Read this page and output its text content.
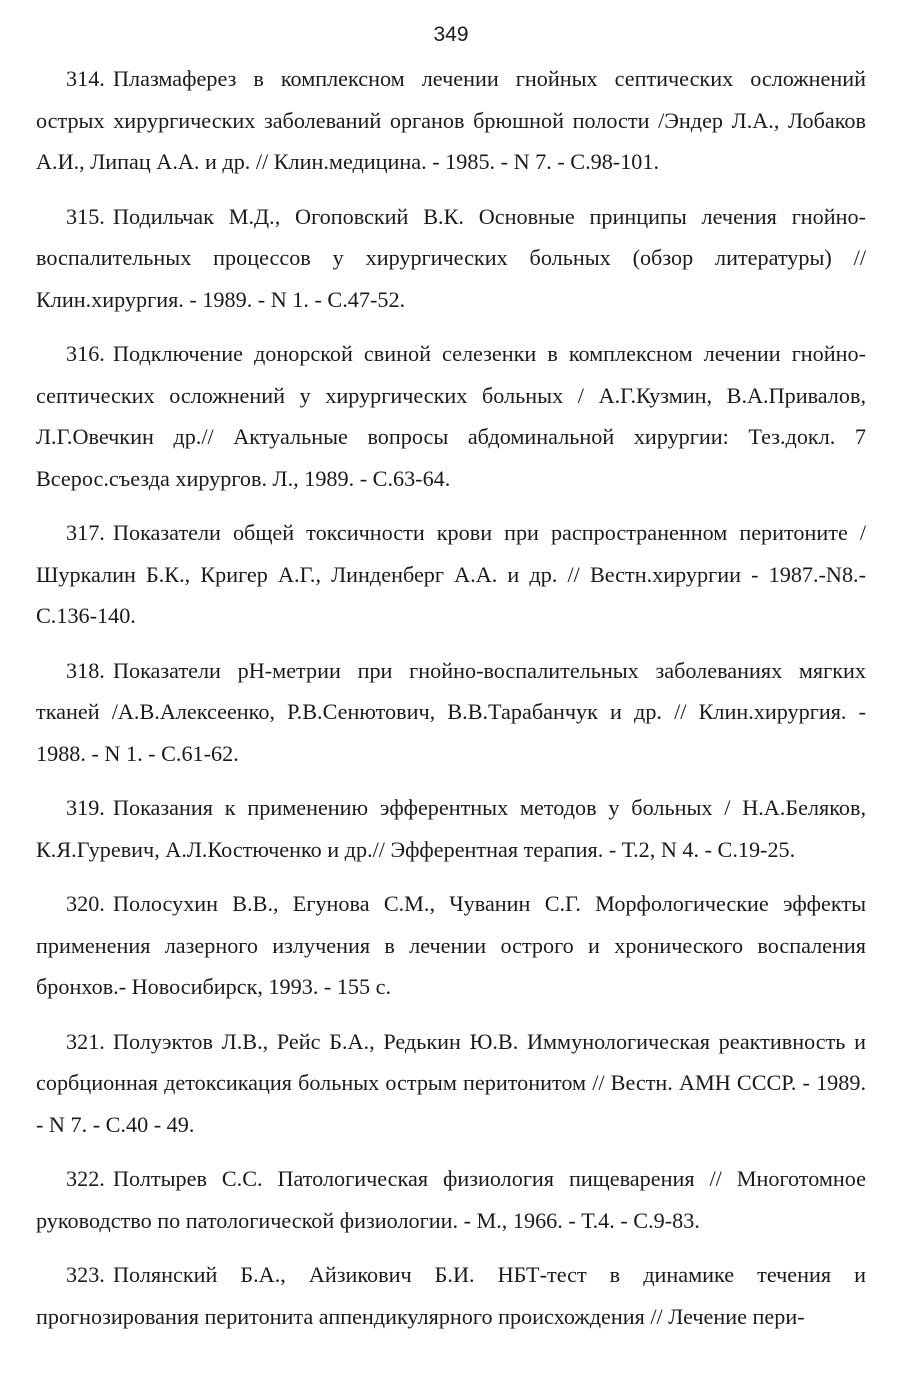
349

314. Плазмаферез в комплексном лечении гнойных септических осложнений острых хирургических заболеваний органов брюшной полости /Эндер Л.А., Лобаков А.И., Липац А.А. и др. // Клин.медицина. - 1985. - N 7. - С.98-101.

315. Подильчак М.Д., Огоповский В.К. Основные принципы лечения гнойно-воспалительных процессов у хирургических больных (обзор литературы) // Клин.хирургия. - 1989. - N 1. - С.47-52.

316. Подключение донорской свиной селезенки в комплексном лечении гнойно-септических осложнений у хирургических больных / А.Г.Кузмин, В.А.Привалов, Л.Г.Овечкин др.// Актуальные вопросы абдоминальной хирургии: Тез.докл. 7 Всерос.съезда хирургов. Л., 1989. - С.63-64.

317. Показатели общей токсичности крови при распространенном перитоните /Шуркалин Б.К., Кригер А.Г., Линденберг А.А. и др. // Вестн.хирургии - 1987.-N8.-С.136-140.

318. Показатели pH-метрии при гнойно-воспалительных заболеваниях мягких тканей /А.В.Алексеенко, Р.В.Сенютович, В.В.Тарабанчук и др. // Клин.хирургия. - 1988. - N 1. - С.61-62.

319. Показания к применению эфферентных методов у больных / Н.А.Беляков, К.Я.Гуревич, А.Л.Костюченко и др.// Эфферентная терапия. - Т.2, N 4. - С.19-25.

320. Полосухин В.В., Егунова С.М., Чуванин С.Г. Морфологические эффекты применения лазерного излучения в лечении острого и хронического воспаления бронхов.- Новосибирск, 1993. - 155 с.

321. Полуэктов Л.В., Рейс Б.А., Редькин Ю.В. Иммунологическая реактивность и сорбционная детоксикация больных острым перитонитом // Вестн. АМН СССР. - 1989. - N 7. - С.40 - 49.

322. Полтырев С.С. Патологическая физиология пищеварения // Многотомное руководство по патологической физиологии. - М., 1966. - Т.4. - С.9-83.

323. Полянский Б.А., Айзикович Б.И. НБТ-тест в динамике течения и прогнозирования перитонита аппендикулярного происхождения // Лечение пери-
